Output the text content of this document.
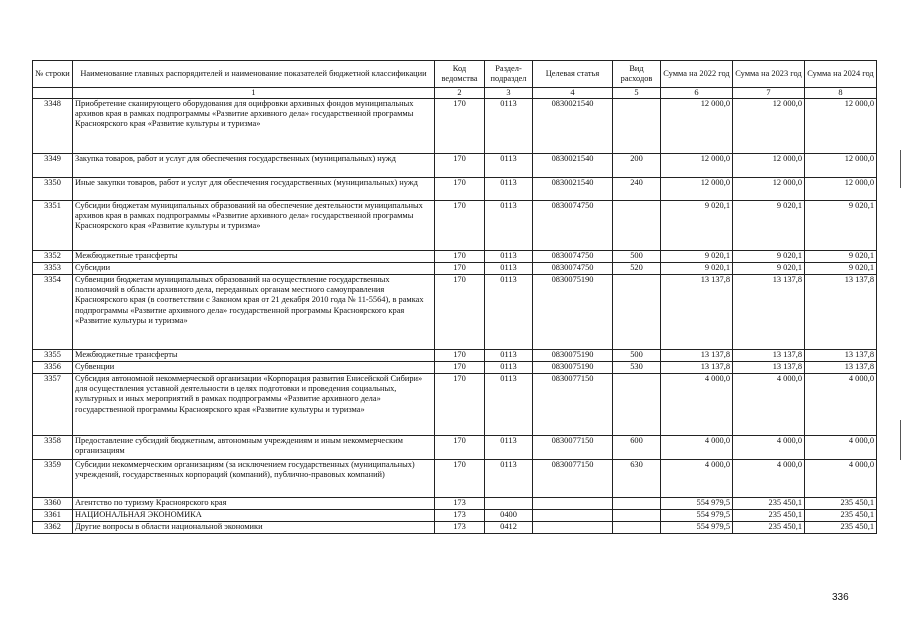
№ строки	Наименование главных распорядителей и наименование показателей бюджетной классификации	Код ведомства	Раздел-подраздел	Целевая статья	Вид расходов	Сумма на 2022 год	Сумма на 2023 год	Сумма на 2024 год
	1	2	3	4	5	6	7	8
3348	Приобретение сканирующего оборудования для оцифровки архивных фондов муниципальных архивов края в рамках подпрограммы «Развитие архивного дела» государственной программы Красноярского края «Развитие культуры и туризма»	170	0113	0830021540		12 000,0	12 000,0	12 000,0
3349	Закупка товаров, работ и услуг для обеспечения государственных (муниципальных) нужд	170	0113	0830021540	200	12 000,0	12 000,0	12 000,0
3350	Иные закупки товаров, работ и услуг для обеспечения государственных (муниципальных) нужд	170	0113	0830021540	240	12 000,0	12 000,0	12 000,0
3351	Субсидии бюджетам муниципальных образований на обеспечение деятельности муниципальных архивов края в рамках подпрограммы «Развитие архивного дела» государственной программы Красноярского края «Развитие культуры и туризма»	170	0113	0830074750		9 020,1	9 020,1	9 020,1
3352	Межбюджетные трансферты	170	0113	0830074750	500	9 020,1	9 020,1	9 020,1
3353	Субсидии	170	0113	0830074750	520	9 020,1	9 020,1	9 020,1
3354	Субвенции бюджетам муниципальных образований на осуществление государственных полномочий в области архивного дела, переданных органам местного самоуправления Красноярского края (в соответствии с Законом края от 21 декабря 2010 года № 11-5564), в рамках подпрограммы «Развитие архивного дела» государственной программы Красноярского края «Развитие культуры и туризма»	170	0113	0830075190		13 137,8	13 137,8	13 137,8
3355	Межбюджетные трансферты	170	0113	0830075190	500	13 137,8	13 137,8	13 137,8
3356	Субвенции	170	0113	0830075190	530	13 137,8	13 137,8	13 137,8
3357	Субсидия автономной некоммерческой организации «Корпорация развития Енисейской Сибири» для осуществления уставной деятельности в целях подготовки и проведения социальных, культурных и иных мероприятий в рамках подпрограммы «Развитие архивного дела» государственной программы Красноярского края «Развитие культуры и туризма»	170	0113	0830077150		4 000,0	4 000,0	4 000,0
3358	Предоставление субсидий бюджетным, автономным учреждениям и иным некоммерческим организациям	170	0113	0830077150	600	4 000,0	4 000,0	4 000,0
3359	Субсидии некоммерческим организациям (за исключением государственных (муниципальных) учреждений, государственных корпораций (компаний), публично-правовых компаний)	170	0113	0830077150	630	4 000,0	4 000,0	4 000,0
3360	Агентство по туризму Красноярского края	173				554 979,5	235 450,1	235 450,1
3361	НАЦИОНАЛЬНАЯ ЭКОНОМИКА	173	0400			554 979,5	235 450,1	235 450,1
3362	Другие вопросы в области национальной экономики	173	0412			554 979,5	235 450,1	235 450,1
336
